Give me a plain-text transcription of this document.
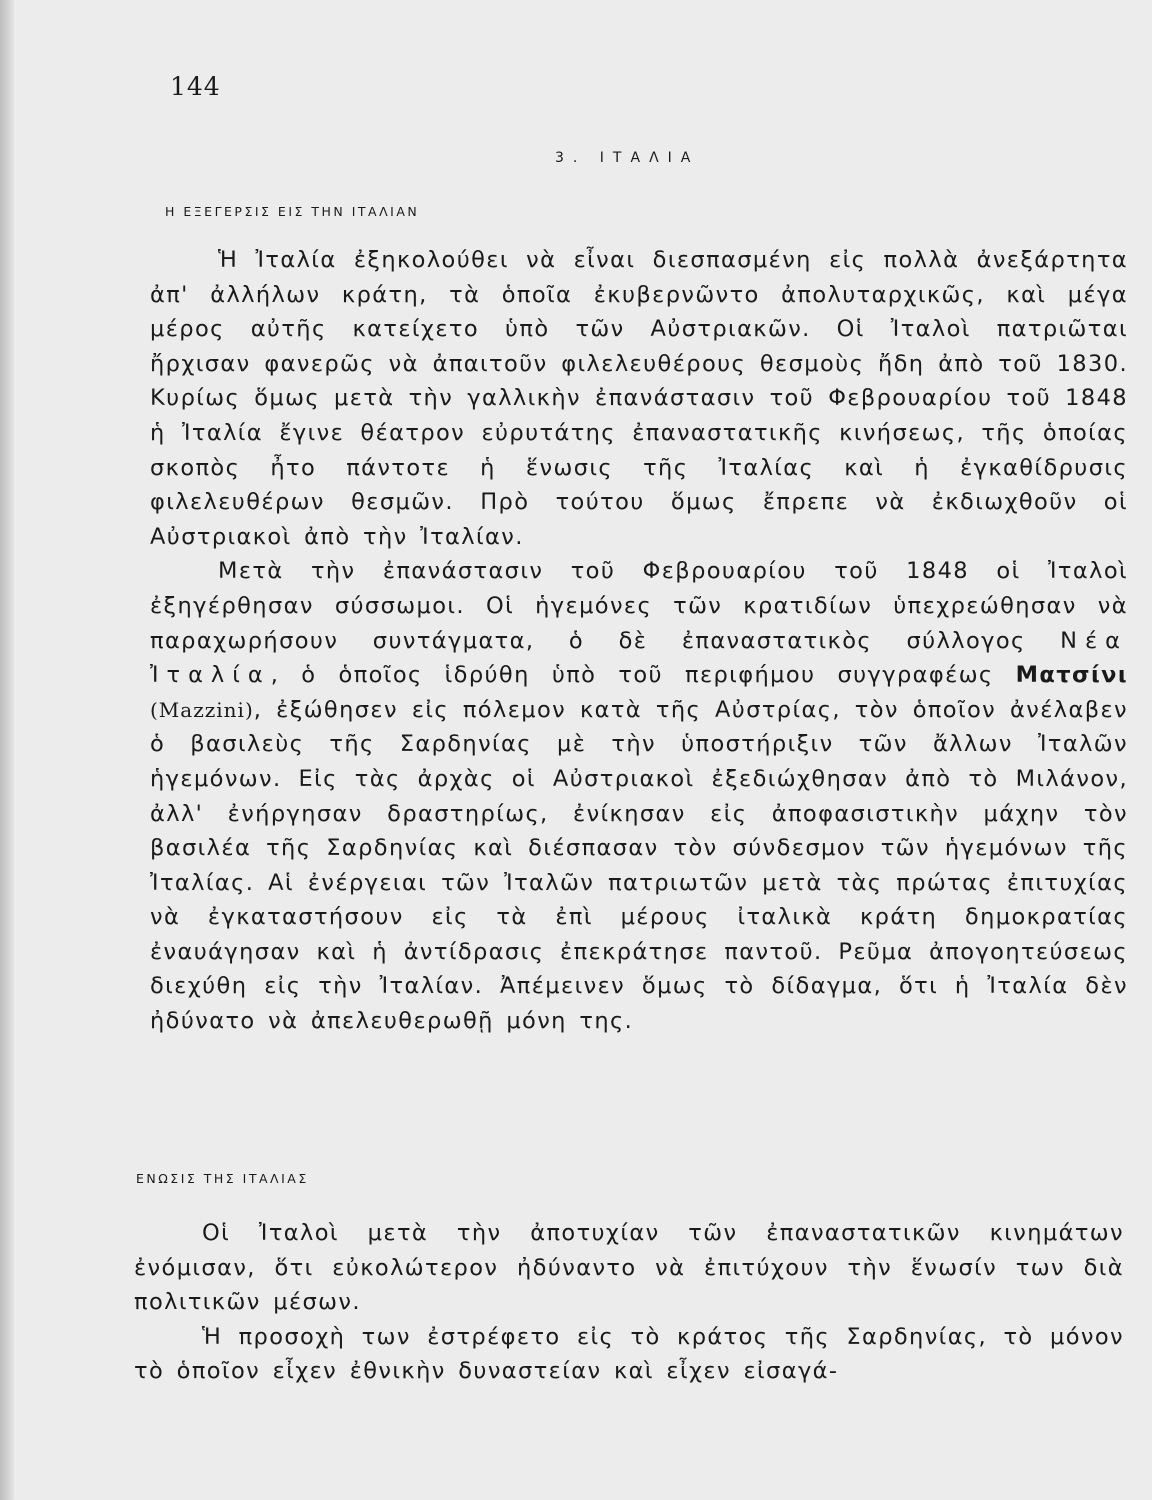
144
3. ΙΤΑΛΙΑ
Η ΕΞΕΓΕΡΣΙΣ ΕΙΣ ΤΗΝ ΙΤΑΛΙΑΝ

Ἡ Ἰταλία ἐξηκολούθει νὰ εἶναι διεσπασμένη εἰς πολλὰ ἀνεξάρτητα ἀπ' ἀλλήλων κράτη, τὰ ὁποῖα ἐκυβερνῶντο ἀπολυταρχικῶς, καὶ μέγα μέρος αὐτῆς κατείχετο ὑπὸ τῶν Αὐστριακῶν. Οἱ Ἰταλοὶ πατριῶται ἤρχισαν φανερῶς νὰ ἀπαιτοῦν φιλελευθέρους θεσμοὺς ἤδη ἀπὸ τοῦ 1830. Κυρίως ὅμως μετὰ τὴν γαλλικὴν ἐπανάστασιν τοῦ Φεβρουαρίου τοῦ 1848 ἡ Ἰταλία ἔγινε θέατρον εὐρυτάτης ἐπαναστατικῆς κινήσεως, τῆς ὁποίας σκοπὸς ἦτο πάντοτε ἡ ἕνωσις τῆς Ἰταλίας καὶ ἡ ἐγκαθίδρυσις φιλελευθέρων θεσμῶν. Πρὸ τούτου ὅμως ἔπρεπε νὰ ἐκδιωχθοῦν οἱ Αὐστριακοὶ ἀπὸ τὴν Ἰταλίαν.

Μετὰ τὴν ἐπανάστασιν τοῦ Φεβρουαρίου τοῦ 1848 οἱ Ἰταλοὶ ἐξηγέρθησαν σύσσωμοι. Οἱ ἡγεμόνες τῶν κρατιδίων ὑπεχρεώθησαν νὰ παραχωρήσουν συντάγματα, ὁ δὲ ἐπαναστατικὸς σύλλογος Νέα Ἰταλία, ὁ ὁποῖος ἱδρύθη ὑπὸ τοῦ περιφήμου συγγραφέως Ματσίνι (Mazzini), ἐξώθησεν εἰς πόλεμον κατὰ τῆς Αὐστρίας, τὸν ὁποῖον ἀνέλαβεν ὁ βασιλεὺς τῆς Σαρδηνίας μὲ τὴν ὑποστήριξιν τῶν ἄλλων Ἰταλῶν ἡγεμόνων. Εἰς τὰς ἀρχὰς οἱ Αὐστριακοὶ ἐξεδιώχθησαν ἀπὸ τὸ Μιλάνον, ἀλλ' ἐνήργησαν δραστηρίως, ἐνίκησαν εἰς ἀποφασιστικὴν μάχην τὸν βασιλέα τῆς Σαρδηνίας καὶ διέσπασαν τὸν σύνδεσμον τῶν ἡγεμόνων τῆς Ἰταλίας. Αἱ ἐνέργειαι τῶν Ἰταλῶν πατριωτῶν μετὰ τὰς πρώτας ἐπιτυχίας νὰ ἐγκαταστήσουν εἰς τὰ ἐπὶ μέρους ἰταλικὰ κράτη δημοκρατίας ἐναυάγησαν καὶ ἡ ἀντίδρασις ἐπεκράτησε παντοῦ. Ρεῦμα ἀπογοητεύσεως διεχύθη εἰς τὴν Ἰταλίαν. Ἀπέμεινεν ὅμως τὸ δίδαγμα, ὅτι ἡ Ἰταλία δὲν ἠδύνατο νὰ ἀπελευθερωθῇ μόνη της.

ΕΝΩΣΙΣ ΤΗΣ ΙΤΑΛΙΑΣ

Οἱ Ἰταλοὶ μετὰ τὴν ἀποτυχίαν τῶν ἐπαναστατικῶν κινημάτων ἐνόμισαν, ὅτι εὐκολώτερον ἠδύναντο νὰ ἐπιτύχουν τὴν ἕνωσίν των διὰ πολιτικῶν μέσων.

Ἡ προσοχὴ των ἐστρέφετο εἰς τὸ κράτος τῆς Σαρδηνίας, τὸ μόνον τὸ ὁποῖον εἶχεν ἐθνικὴν δυναστείαν καὶ εἶχεν εἰσαγά-
